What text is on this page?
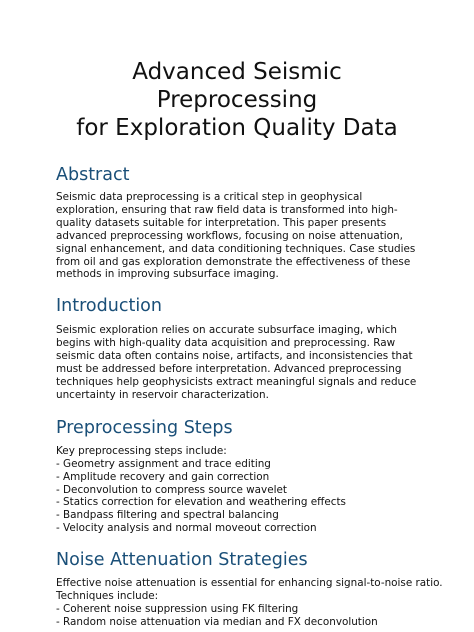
Advanced Seismic Preprocessing
for Exploration Quality Data
Abstract

Seismic data preprocessing is a critical step in geophysical exploration, ensuring that raw field data is transformed into high-quality datasets suitable for interpretation. This paper presents advanced preprocessing workflows, focusing on noise attenuation, signal enhancement, and data conditioning techniques. Case studies from oil and gas exploration demonstrate the effectiveness of these methods in improving subsurface imaging.

Introduction

Seismic exploration relies on accurate subsurface imaging, which begins with high-quality data acquisition and preprocessing. Raw seismic data often contains noise, artifacts, and inconsistencies that must be addressed before interpretation. Advanced preprocessing techniques help geophysicists extract meaningful signals and reduce uncertainty in reservoir characterization.

Preprocessing Steps
Key preprocessing steps include:
- Geometry assignment and trace editing
- Amplitude recovery and gain correction
- Deconvolution to compress source wavelet
- Statics correction for elevation and weathering effects
- Bandpass filtering and spectral balancing
- Velocity analysis and normal moveout correction
Noise Attenuation Strategies
Effective noise attenuation is essential for enhancing signal-to-noise ratio.
Techniques include:
- Coherent noise suppression using FK filtering
- Random noise attenuation via median and FX deconvolution
